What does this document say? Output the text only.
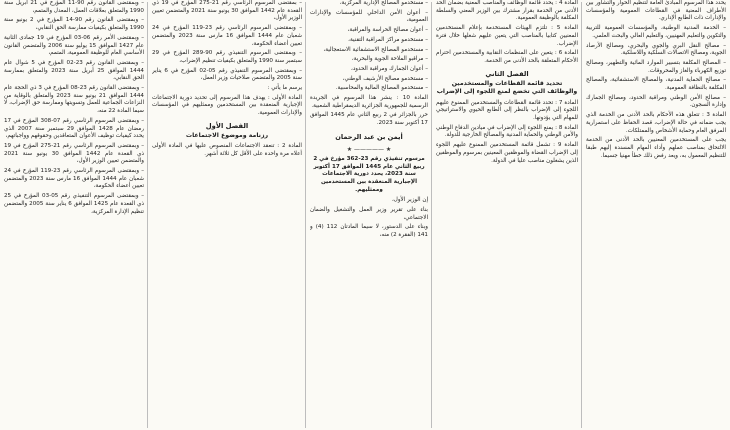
يحدد هذا المرسوم المبادئ العامة لتنظيم الحوار والتشاور بين الأطراف المعنية في القطاعات العمومية والمؤسسات والإدارات ذات الطابع الإداري.

– الخدمة المدنية الوطنية، والمؤسسات العمومية للتربية والتكوين والتعليم المهنيين، والتعليم العالي والبحث العلمي.

– مصالح النقل البري والجوي والبحري، ومصالح الأرصاد الجوية، ومصالح الاتصالات السلكية واللاسلكية.

– المصالح المكلفة بتسيير الموارد المائية والتطهير، ومصالح توزيع الكهرباء والغاز والمحروقات.

– مصالح الحماية المدنية، والمصالح الاستشفائية، والمصالح المكلفة بالنظافة العمومية.

– مصالح الأمن الوطني ومراقبة الحدود، ومصالح الجمارك وإدارة السجون.

المادة 3 : تتعلق هذه الأحكام بالحد الأدنى من الخدمة الذي يجب ضمانه في حالة الإضراب، قصد الحفاظ على استمرارية المرفق العام وحماية الأشخاص والممتلكات.

يجب على المستخدمين المعنيين بالحد الأدنى من الخدمة الالتحاق بمناصب عملهم وأداء المهام المسندة إليهم طبقا للتنظيم المعمول به، ويعد رفض ذلك خطأ مهنيا جسيما.

المادة 4 : يحدد قائمة الوظائف والمناصب المعنية بضمان الحد الأدنى من الخدمة بقرار مشترك بين الوزير المعني والسلطة المكلفة بالوظيفة العمومية.

المادة 5 : تلتزم الهيئات المستخدمة بإعلام المستخدمين المعنيين كتابيا بالمناصب التي يتعين عليهم شغلها خلال فترة الإضراب.

المادة 6 : يتعين على المنظمات النقابية والمستخدمين احترام الأحكام المتعلقة بالحد الأدنى من الخدمة.

الفصل الثاني
تحديد قائمة القطاعات والمستخدمين والوظائف التي تخضع لمنع اللجوء إلى الإضراب

المادة 7 : تحدد قائمة القطاعات والمستخدمين الممنوع عليهم اللجوء إلى الإضراب بالنظر إلى الطابع الحيوي والاستراتيجي للمهام التي يؤدونها.

المادة 8 : يمنع اللجوء إلى الإضراب في ميادين الدفاع الوطني والأمن الوطني والحماية المدنية والمصالح الخارجية للدولة.

المادة 9 : تشمل قائمة المستخدمين الممنوع عليهم اللجوء إلى الإضراب القضاة والموظفين المعينين بمرسوم والموظفين الذين يشغلون مناصب عليا في الدولة.

– مستخدمو المصالح الإدارية المركزية،

– أعوان الأمن الداخلي للمؤسسات والإدارات العمومية،

– أعوان مصالح الحراسة والمراقبة،

– مستخدمو مراكز المراقبة التقنية،

– مستخدمو المصالح الاستشفائية الاستعجالية،

– مراقبو الملاحة الجوية والبحرية،

– أعوان الجمارك ومراقبة الحدود،

– مستخدمو مصالح الأرشيف الوطني،

– مستخدمو المصالح المالية والمحاسبية.

المادة 10 : ينشر هذا المرسوم في الجريدة الرسمية للجمهورية الجزائرية الديمقراطية الشعبية.

حرر بالجزائر في 2 ربيع الثاني عام 1445 الموافق 17 أكتوبر سنة 2023.

أيمن بن عبد الرحمان
★ ————— ★

مرسوم تنفيذي رقم 23-362 مؤرخ في 2 ربيع الثاني عام 1445 الموافق 17 أكتوبر سنة 2023، يحدد دورية الاجتماعات الإجبارية المنعقدة بين المستخدمين وممثليهم.

إن الوزير الأول،

بناء على تقرير وزير العمل والتشغيل والضمان الاجتماعي،

وبناء على الدستور، لا سيما المادتان 112 (4) و 141 (الفقرة 2) منه،

– بمقتضى المرسوم الرئاسي رقم 21-275 المؤرخ في 19 ذي القعدة عام 1442 الموافق 30 يونيو سنة 2021 والمتضمن تعيين الوزير الأول،

– وبمقتضى المرسوم الرئاسي رقم 23-119 المؤرخ في 24 شعبان عام 1444 الموافق 16 مارس سنة 2023 والمتضمن تعيين أعضاء الحكومة،

– وبمقتضى المرسوم التنفيذي رقم 90-289 المؤرخ في 29 سبتمبر سنة 1990 والمتعلق بكيفيات تنظيم الإضراب،

– وبمقتضى المرسوم التنفيذي رقم 05-02 المؤرخ في 6 يناير سنة 2005 والمتضمن صلاحيات وزير العمل،

يرسم ما يأتي :

المادة الأولى : يهدف هذا المرسوم إلى تحديد دورية الاجتماعات الإجبارية المنعقدة بين المستخدمين وممثليهم في المؤسسات والإدارات العمومية.

الفصل الأول
رزنامة وموضوع الاجتماعات

المادة 2 : تنعقد الاجتماعات المنصوص عليها في المادة الأولى أعلاه مرة واحدة على الأقل كل ثلاثة أشهر.

– وبمقتضى القانون رقم 90-11 المؤرخ في 21 أبريل سنة 1990 والمتعلق بعلاقات العمل، المعدل والمتمم،

– وبمقتضى القانون رقم 90-14 المؤرخ في 2 يونيو سنة 1990 والمتعلق بكيفيات ممارسة الحق النقابي،

– وبمقتضى الأمر رقم 06-03 المؤرخ في 19 جمادى الثانية عام 1427 الموافق 15 يوليو سنة 2006 والمتضمن القانون الأساسي العام للوظيفة العمومية، المتمم،

– وبمقتضى القانون رقم 23-02 المؤرخ في 5 شوال عام 1444 الموافق 25 أبريل سنة 2023 والمتعلق بممارسة الحق النقابي،

– وبمقتضى القانون رقم 23-08 المؤرخ في 3 ذي الحجة عام 1444 الموافق 21 يونيو سنة 2023 والمتعلق بالوقاية من النزاعات الجماعية للعمل وتسويتها وممارسة حق الإضراب، لا سيما المادة 22 منه،

– وبمقتضى المرسوم الرئاسي رقم 07-308 المؤرخ في 17 رمضان عام 1428 الموافق 29 سبتمبر سنة 2007 الذي يحدد كيفيات توظيف الأعوان المتعاقدين وحقوقهم وواجباتهم،

– وبمقتضى المرسوم الرئاسي رقم 21-275 المؤرخ في 19 ذي القعدة عام 1442 الموافق 30 يونيو سنة 2021 والمتضمن تعيين الوزير الأول،

– وبمقتضى المرسوم الرئاسي رقم 23-119 المؤرخ في 24 شعبان عام 1444 الموافق 16 مارس سنة 2023 والمتضمن تعيين أعضاء الحكومة،

– وبمقتضى المرسوم التنفيذي رقم 05-03 المؤرخ في 25 ذي القعدة عام 1425 الموافق 6 يناير سنة 2005 والمتضمن تنظيم الإدارة المركزية،
